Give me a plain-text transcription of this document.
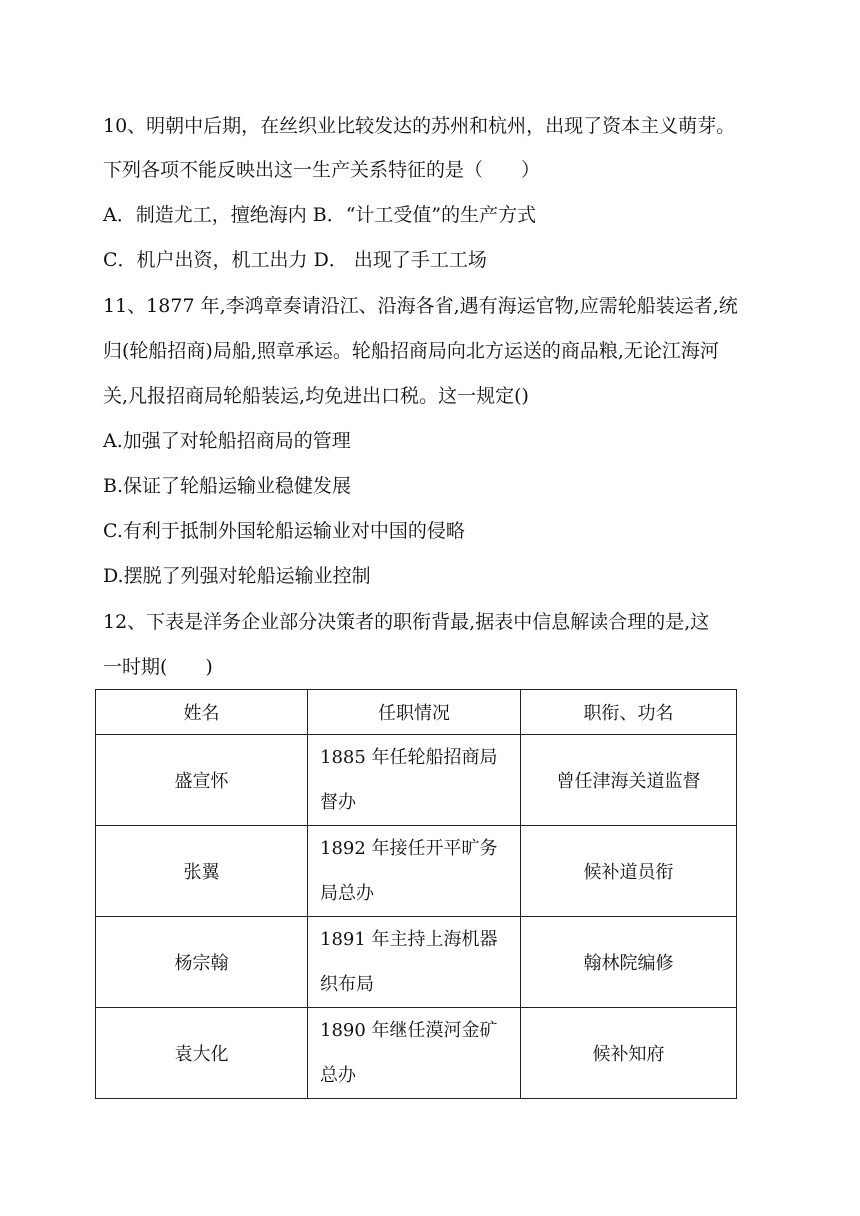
10、明朝中后期，在丝织业比较发达的苏州和杭州，出现了资本主义萌芽。
下列各项不能反映出这一生产关系特征的是（　　）
A．制造尤工，擅绝海内 B．“计工受值”的生产方式
C．机户出资，机工出力 D． 出现了手工工场
11、1877 年,李鸿章奏请沿江、沿海各省,遇有海运官物,应需轮船装运者,统
归(轮船招商)局船,照章承运。轮船招商局向北方运送的商品粮,无论江海河
关,凡报招商局轮船装运,均免进出口税。这一规定()
A.加强了对轮船招商局的管理
B.保证了轮船运输业稳健发展
C.有利于抵制外国轮船运输业对中国的侵略
D.摆脱了列强对轮船运输业控制
12、下表是洋务企业部分决策者的职衔背最,据表中信息解读合理的是,这
一时期(　　)
姓名	任职情况	职衔、功名
盛宣怀	1885 年任轮船招商局督办	曾任津海关道监督
张翼	1892 年接任开平旷务局总办	候补道员衔
杨宗翰	1891 年主持上海机器织布局	翰林院编修
袁大化	1890 年继任漠河金矿总办	候补知府
